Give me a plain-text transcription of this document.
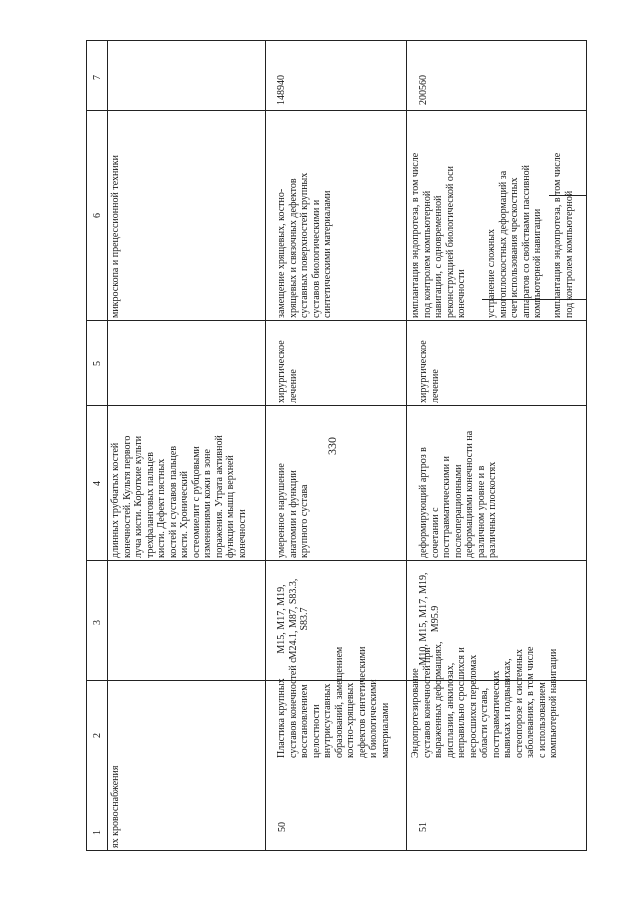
330
1
2
3
4
5
6
7
ях кровоснабжения
длинных трубчатых костей
конечностей. Культя первого
луча кисти. Короткие культи
трехфаланговых пальцев
кисти. Дефект пястных
костей и суставов пальцев
кисти. Хронический
остеомиелит с рубцовыми
изменениями кожи в зоне
поражения. Утрата активной
функции мышц верхней
конечности
микроскопа и прецессионной техники
50
Пластика крупных
суставов конечностей с
восстановлением
целостности
внутрисуставных
образований, замещением
костно-хрящевых
дефектов синтетическими
и биологическими
материалами
M15, M17, M19,
M24.1, M87, S83.3,
S83.7
умеренное нарушение
анатомии и функции
крупного сустава
хирургическое
лечение
замещение хрящевых, костно-
хрящевых и связочных дефектов
суставных поверхностей крупных
суставов биологическими и
синтетическими материалами
148940
51
Эндопротезирование
суставов конечностей при
выраженных деформациях,
дисплазии, анкилозах,
неправильно сросшихся и
несросшихся переломах
области сустава,
посттравматических
вывихах и подвывихах,
остеопорозе и системных
заболеваниях, в том числе
с использованием
компьютерной навигации
M10, M15, M17, M19,
M95.9
деформирующий артроз в
сочетании с
посттравматическими и
послеоперационными
деформациями конечности на
различном уровне и в
различных плоскостях
хирургическое
лечение
имплантация эндопротеза, в том числе
под контролем компьютерной
навигации, с одновременной
реконструкцией биологической оси
конечности устранение сложных
многоплоскостных деформаций за
счет использования чрескостных
аппаратов со свойствами пассивной
компьютерной навигации
имплантация эндопротеза, в том числе
под контролем компьютерной
200560
